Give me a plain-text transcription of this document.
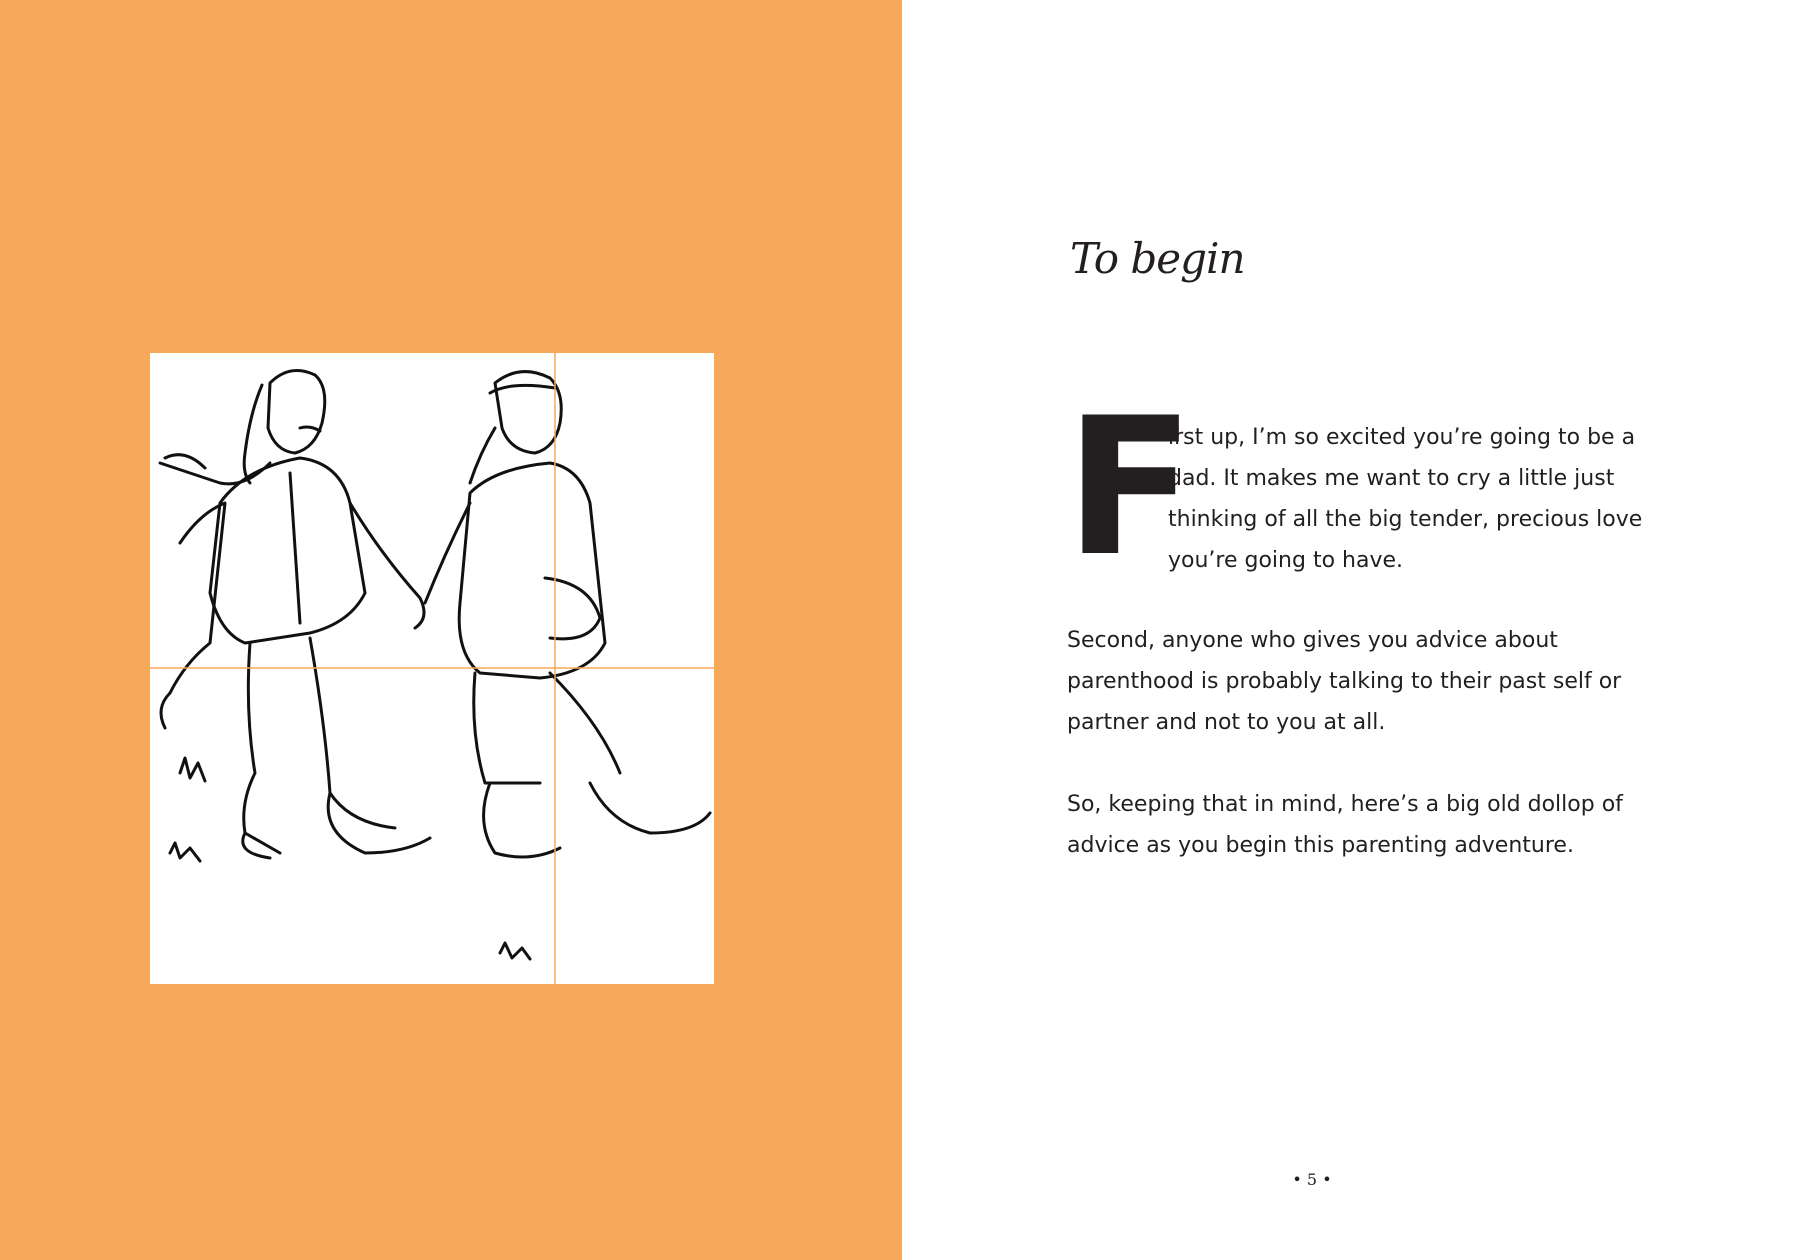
To begin
F

irst up, I’m so excited you’re going to be a dad. It makes me want to cry a little just thinking of all the big tender, precious love you’re going to have.

Second, anyone who gives you advice about parenthood is probably talking to their past self or partner and not to you at all.

So, keeping that in mind, here’s a big old dollop of advice as you begin this parenting adventure.

• 5 •
